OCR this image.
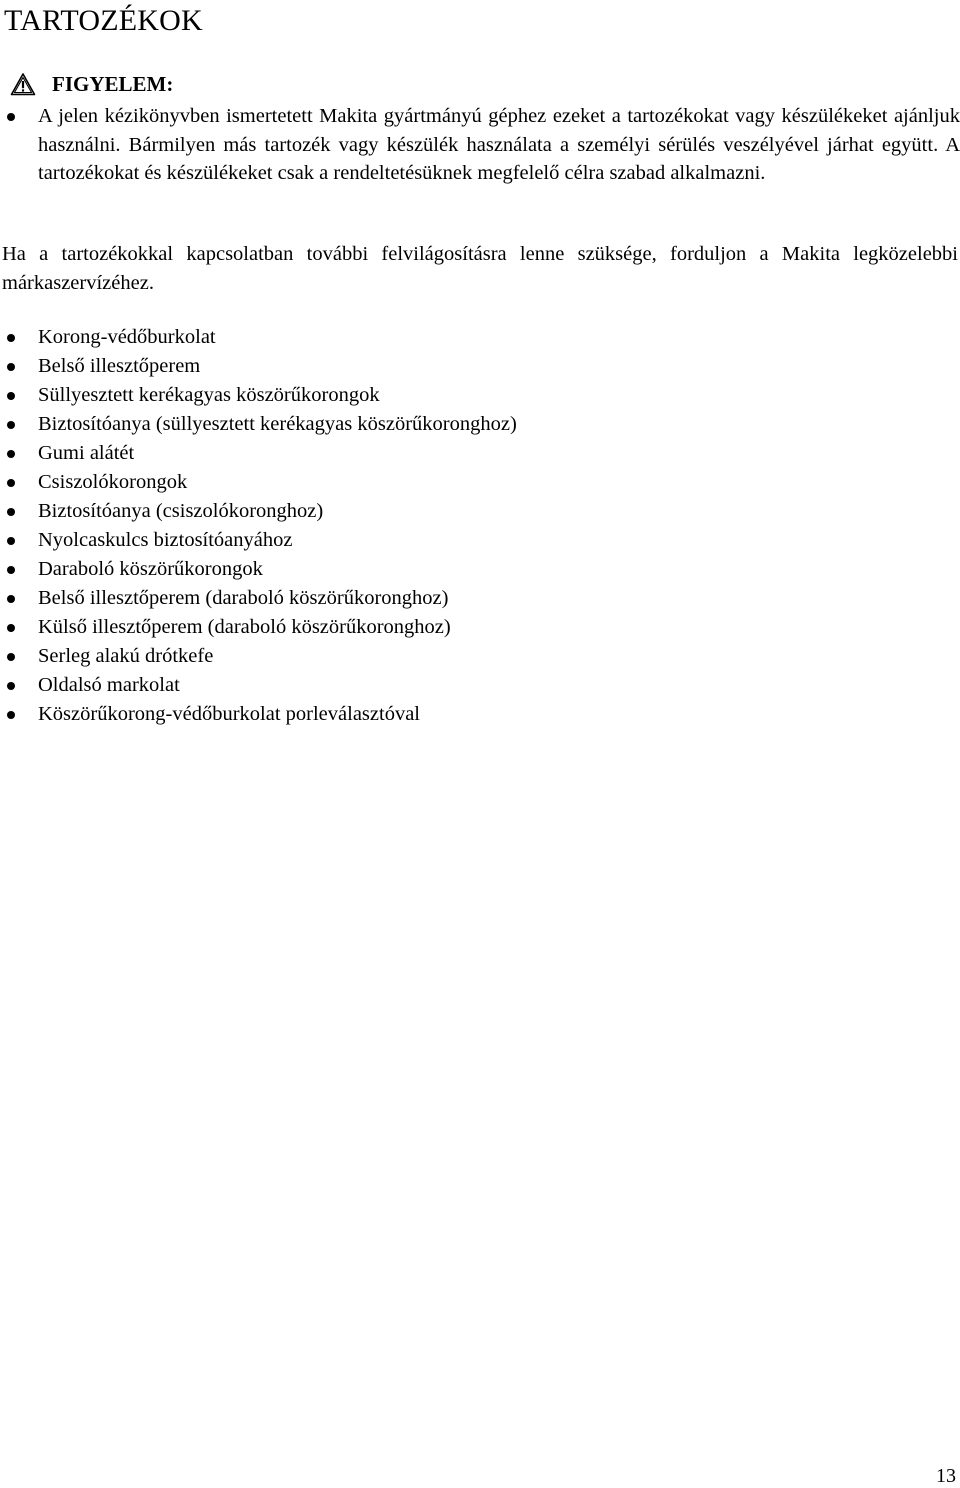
TARTOZÉKOK
FIGYELEM:
A jelen kézikönyvben ismertetett Makita gyártmányú géphez ezeket a tartozékokat vagy készülékeket ajánljuk használni. Bármilyen más tartozék vagy készülék használata a személyi sérülés veszélyével járhat együtt. A tartozékokat és készülékeket csak a rendeltetésüknek megfelelő célra szabad alkalmazni.

Ha a tartozékokkal kapcsolatban további felvilágosításra lenne szüksége, forduljon a Makita legközelebbi márkaszervízéhez.

Korong-védőburkolat
Belső illesztőperem
Süllyesztett kerékagyas köszörűkorongok
Biztosítóanya (süllyesztett kerékagyas köszörűkoronghoz)
Gumi alátét
Csiszolókorongok
Biztosítóanya (csiszolókoronghoz)
Nyolcaskulcs biztosítóanyához
Daraboló köszörűkorongok
Belső illesztőperem (daraboló köszörűkoronghoz)
Külső illesztőperem (daraboló köszörűkoronghoz)
Serleg alakú drótkefe
Oldalsó markolat
Köszörűkorong-védőburkolat porleválasztóval
13
